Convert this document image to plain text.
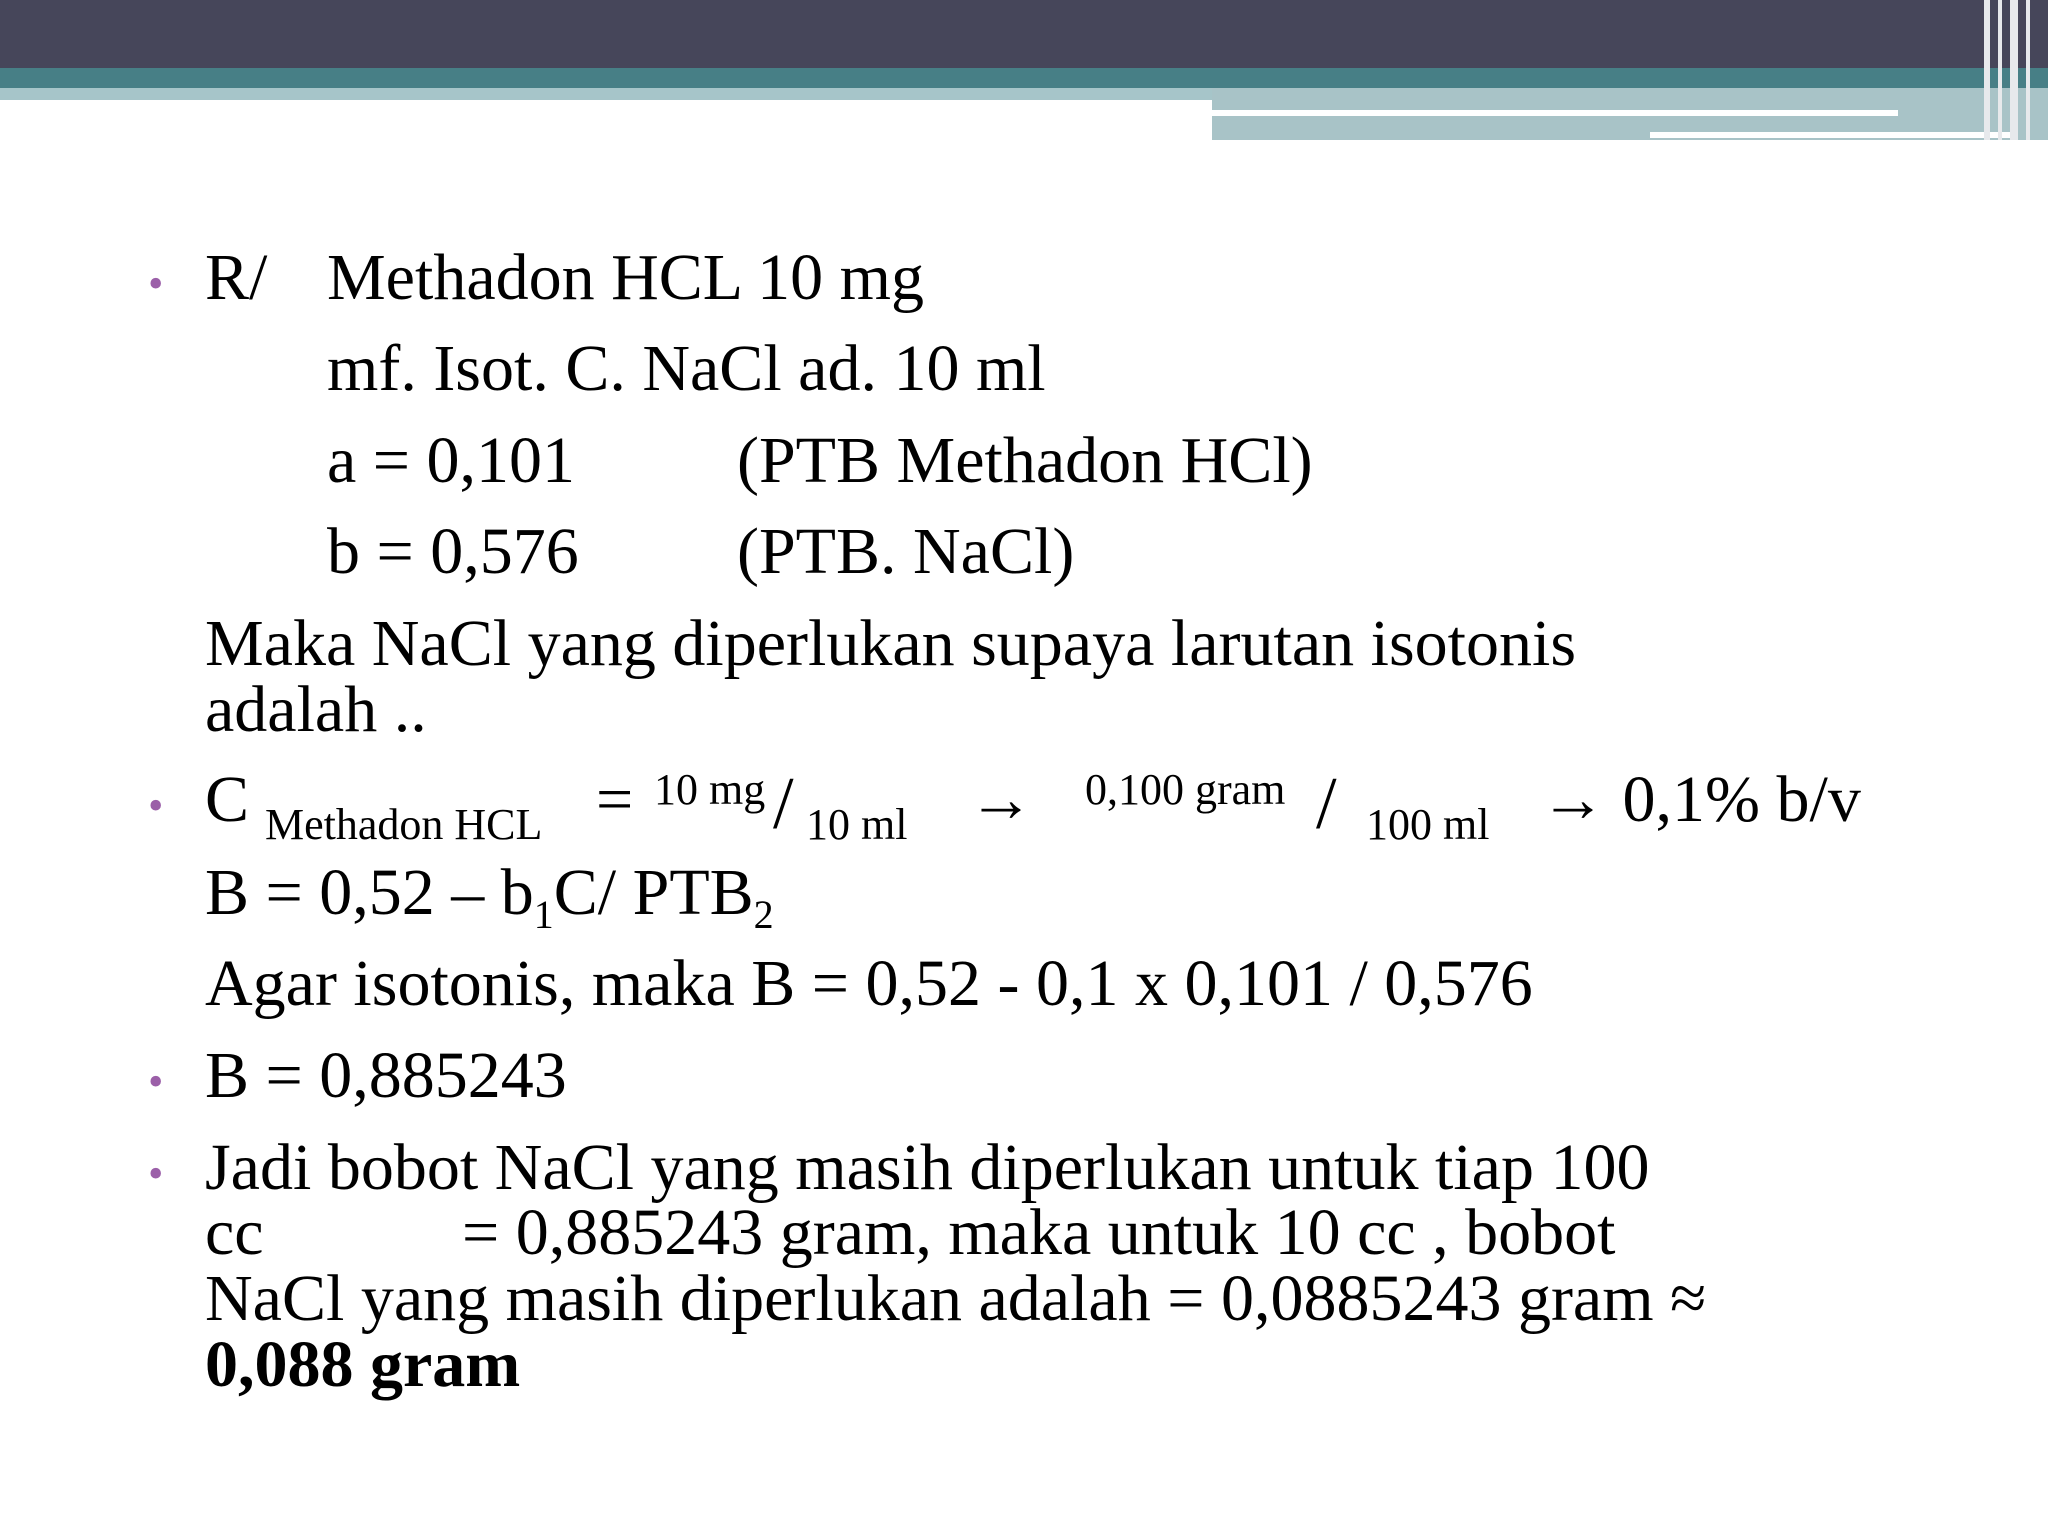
• R/ Methadon HCL 10 mg
mf. Isot. C. NaCl ad. 10 ml
a = 0,101 (PTB Methadon HCl)
b = 0,576 (PTB. NaCl)
Maka NaCl yang diperlukan supaya larutan isotonis
adalah ..
• C Methadon HCL = 10 mg / 10 ml → 0,100 gram / 100 ml → 0,1% b/v
$B = 0,52 - b_1C/$ $PTB_2$
Agar isotonis, maka B = 0,52 - 0,1 x 0,101 / 0,576
• B = 0,885243
• Jadi bobot NaCl yang masih diperlukan untuk tiap 100
cc	= 0,885243 gram, maka untuk 10 cc , bobot
NaCl yang masih diperlukan adalah = 0,0885243 gram ≈
0,088 gram
